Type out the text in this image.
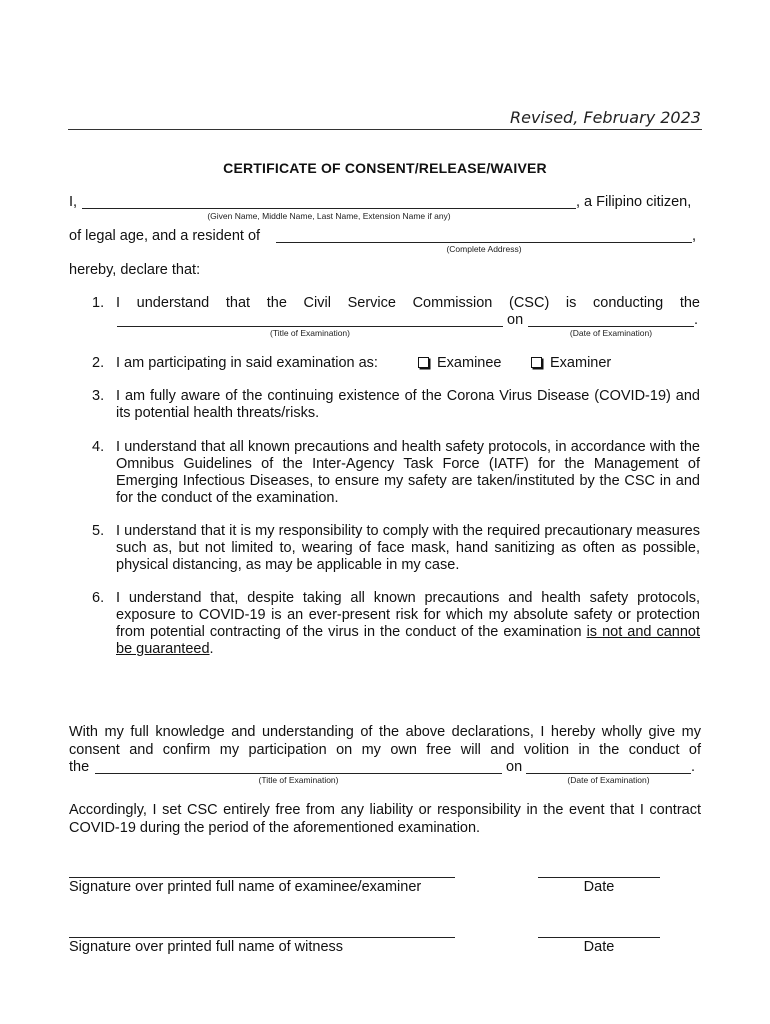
Revised, February 2023
CERTIFICATE OF CONSENT/RELEASE/WAIVER
I,	, a Filipino citizen,
(Given Name, Middle Name, Last Name, Extension Name if any)
of legal age, and a resident of	,
(Complete Address)
hereby, declare that:
1. I understand that the Civil Service Commission (CSC) is conducting the
on	.
(Title of Examination)	(Date of Examination)
2. I am participating in said examination as:	Examinee	Examiner
3. I am fully aware of the continuing existence of the Corona Virus Disease (COVID-19) and its potential health threats/risks.
4. I understand that all known precautions and health safety protocols, in accordance with the Omnibus Guidelines of the Inter-Agency Task Force (IATF) for the Management of Emerging Infectious Diseases, to ensure my safety are taken/instituted by the CSC in and for the conduct of the examination.
5. I understand that it is my responsibility to comply with the required precautionary measures such as, but not limited to, wearing of face mask, hand sanitizing as often as possible, physical distancing, as may be applicable in my case.
6. I understand that, despite taking all known precautions and health safety protocols, exposure to COVID-19 is an ever-present risk for which my absolute safety or protection from potential contracting of the virus in the conduct of the examination is not and cannot be guaranteed.
With my full knowledge and understanding of the above declarations, I hereby wholly give my consent and confirm my participation on my own free will and volition in the conduct of
the	on	.
(Title of Examination)	(Date of Examination)
Accordingly, I set CSC entirely free from any liability or responsibility in the event that I contract COVID-19 during the period of the aforementioned examination.
Signature over printed full name of examinee/examiner	Date
Signature over printed full name of witness	Date
